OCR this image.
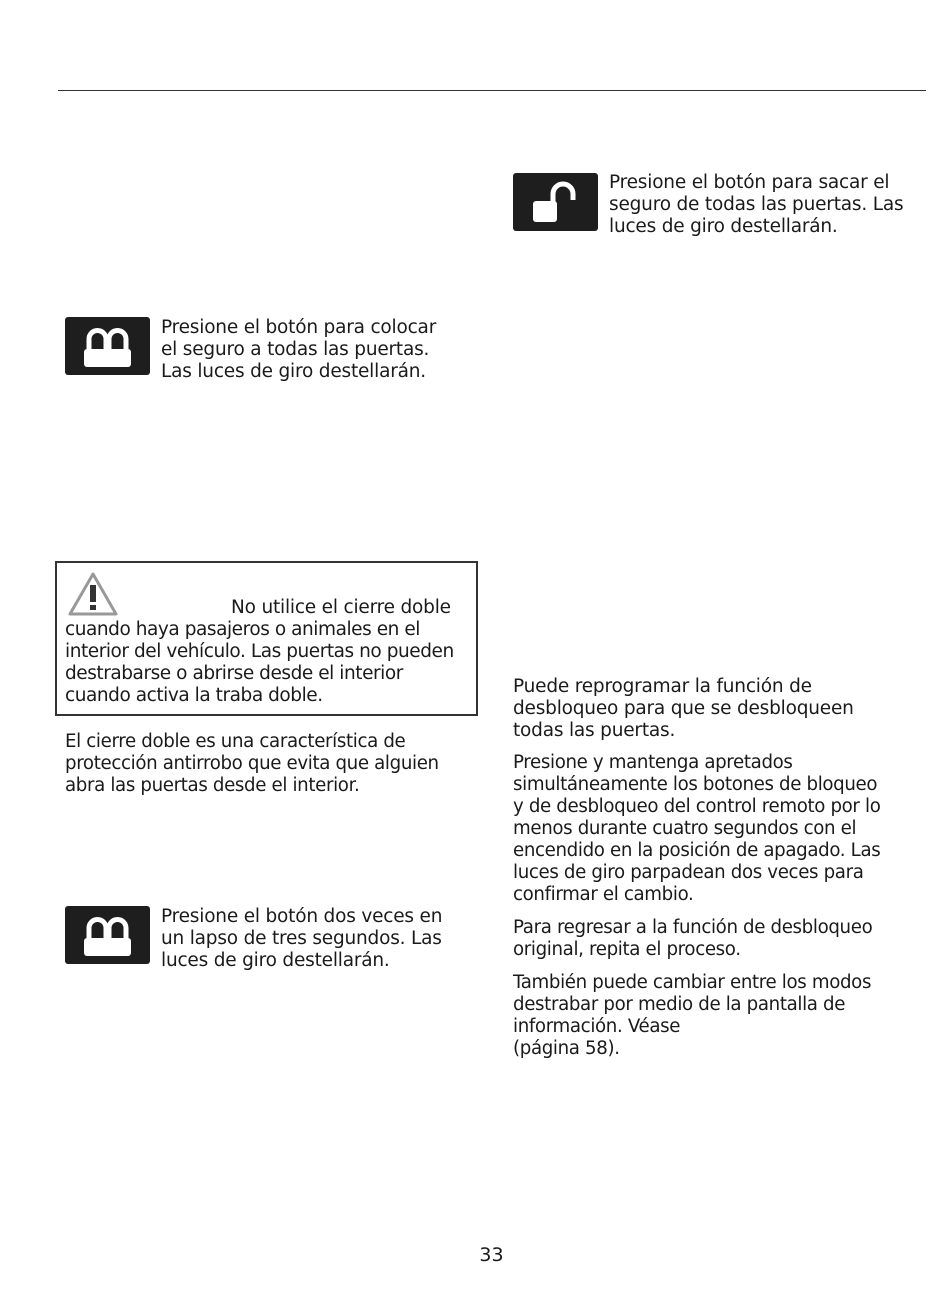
Presione el botón para sacar el
seguro de todas las puertas. Las
luces de giro destellarán.
Presione el botón para colocar
el seguro a todas las puertas.
Las luces de giro destellarán.
No utilice el cierre doble
cuando haya pasajeros o animales en el
interior del vehículo. Las puertas no pueden
destrabarse o abrirse desde el interior
cuando activa la traba doble.
El cierre doble es una característica de
protección antirrobo que evita que alguien
abra las puertas desde el interior.
Presione el botón dos veces en
un lapso de tres segundos. Las
luces de giro destellarán.
Puede reprogramar la función de
desbloqueo para que se desbloqueen
todas las puertas.
Presione y mantenga apretados
simultáneamente los botones de bloqueo
y de desbloqueo del control remoto por lo
menos durante cuatro segundos con el
encendido en la posición de apagado. Las
luces de giro parpadean dos veces para
confirmar el cambio.
Para regresar a la función de desbloqueo
original, repita el proceso.
También puede cambiar entre los modos
destrabar por medio de la pantalla de
información. Véase
(página 58).
33
